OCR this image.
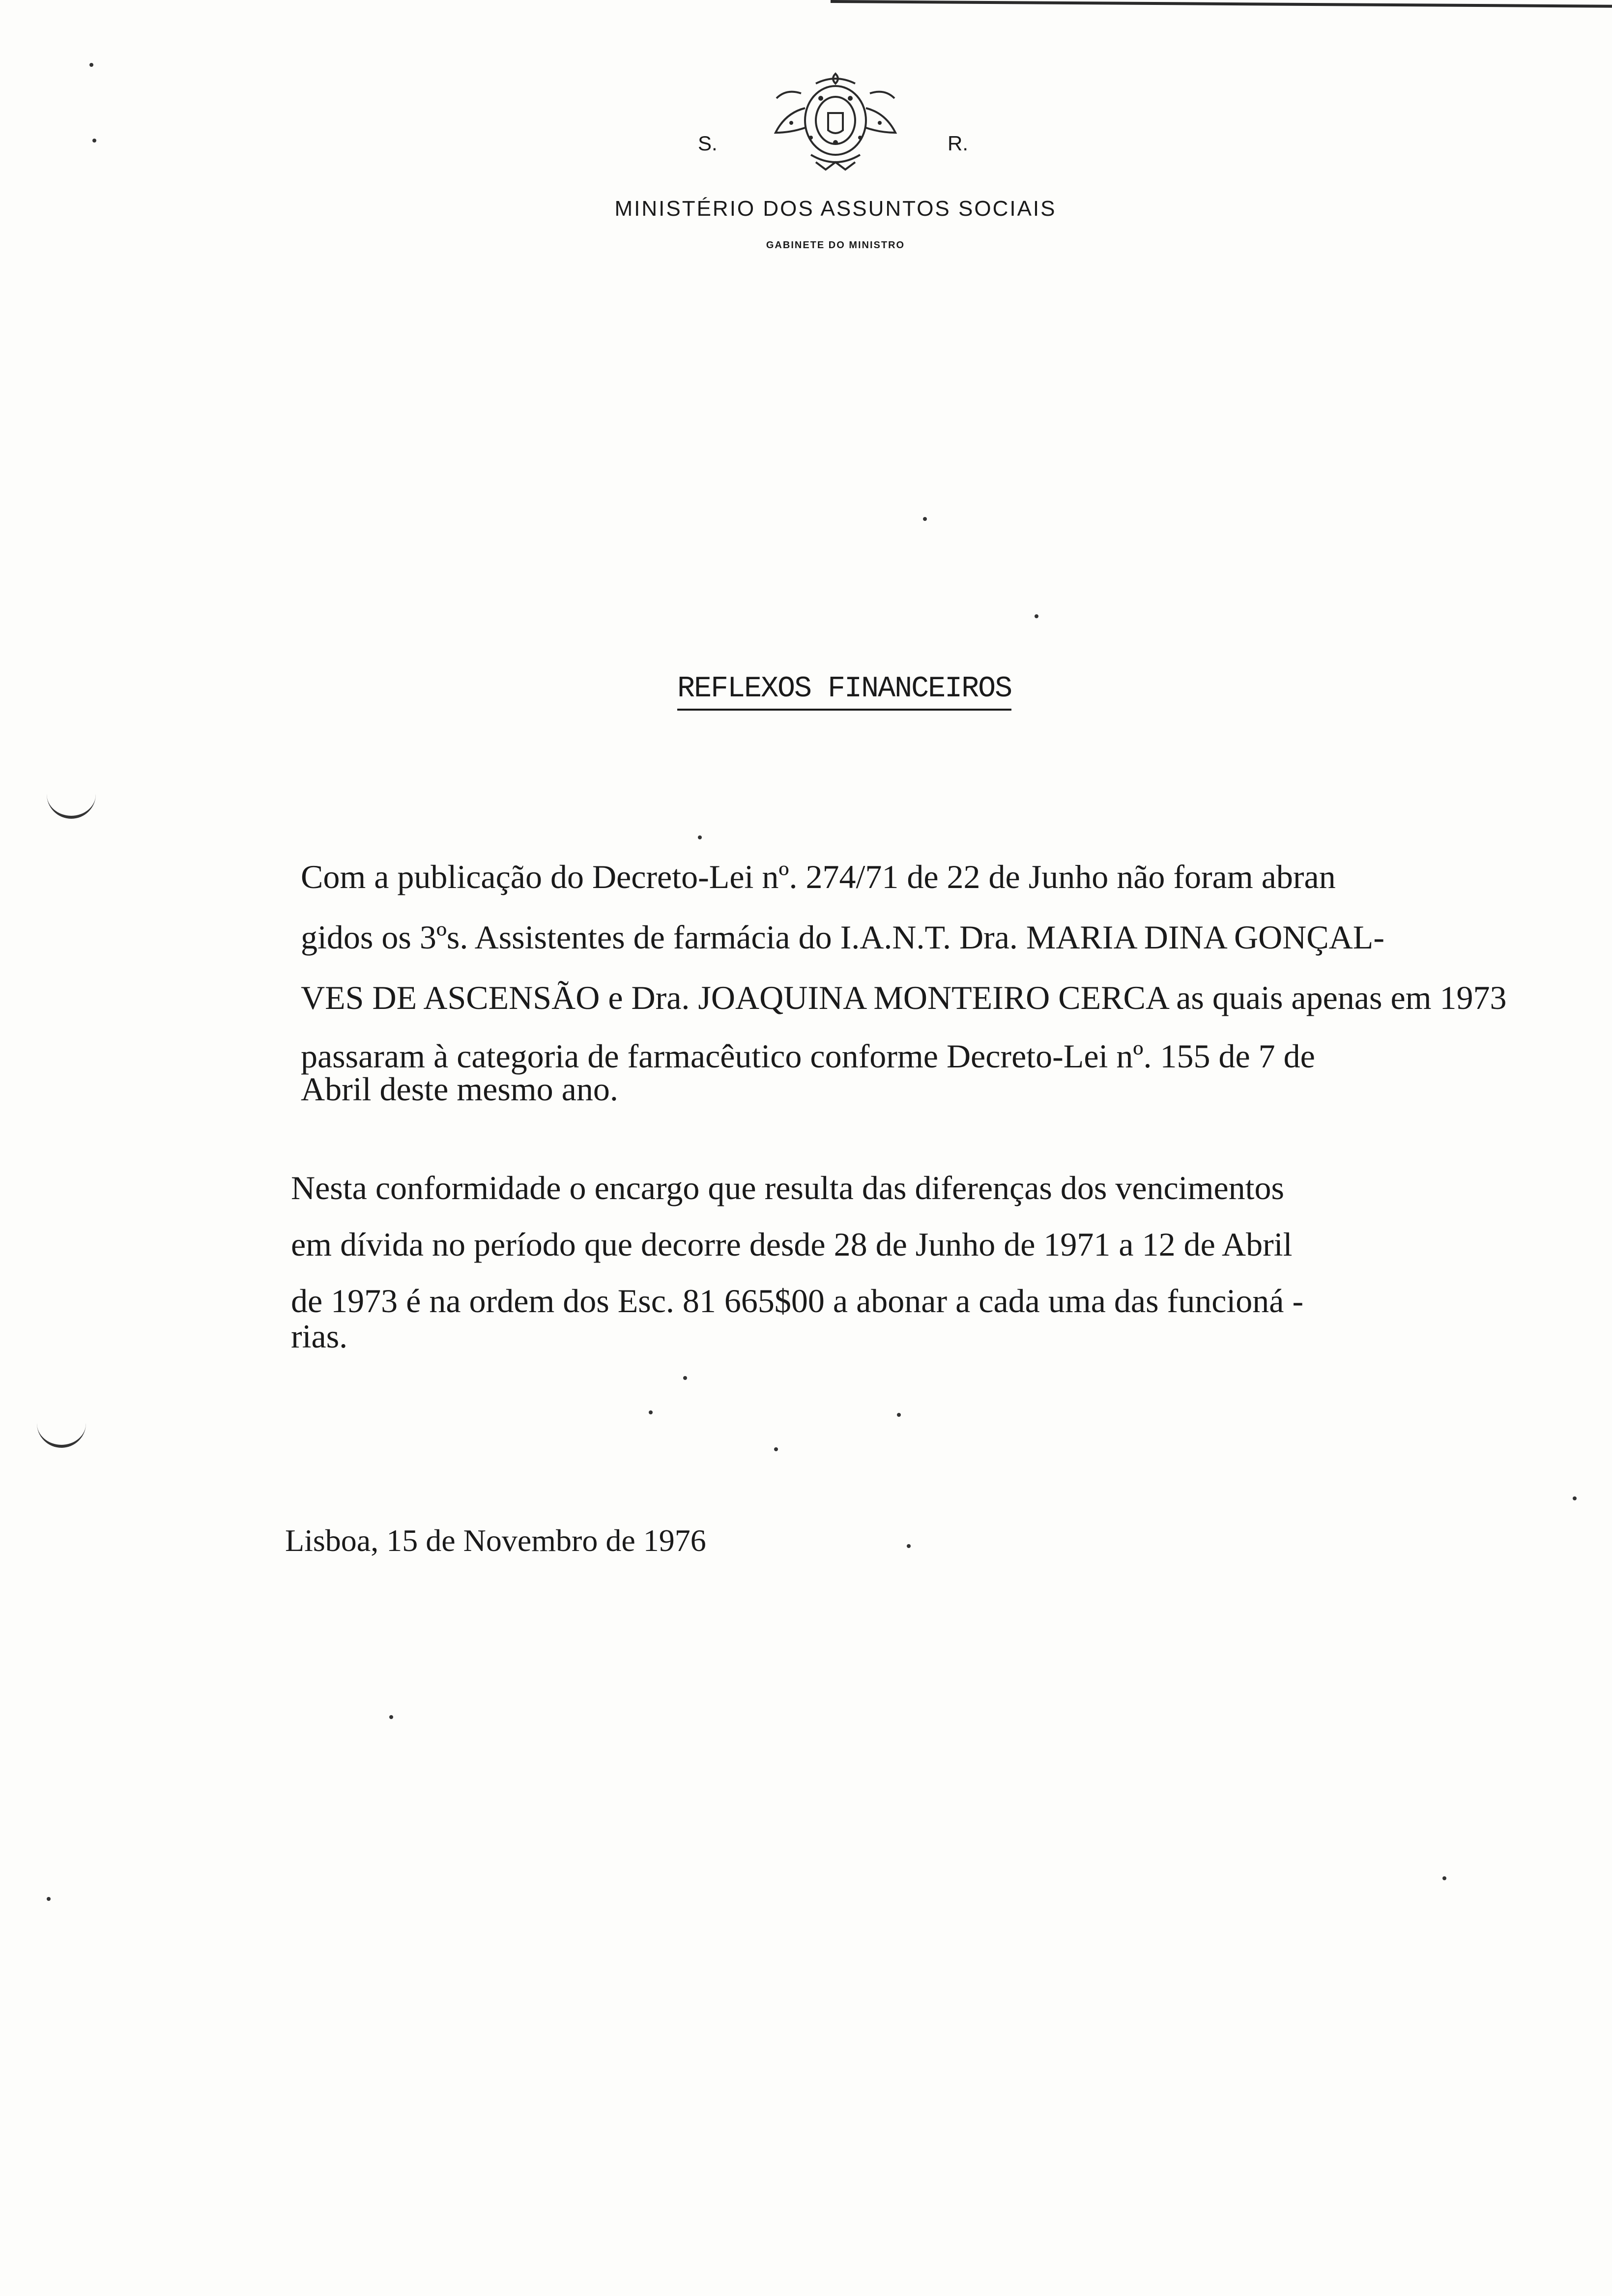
S.	R.
MINISTÉRIO DOS ASSUNTOS SOCIAIS
GABINETE DO MINISTRO
REFLEXOS FINANCEIROS
Com a publicação do Decreto-Lei nº. 274/71 de 22 de Junho não foram abran
gidos os 3ºs. Assistentes de farmácia do I.A.N.T. Dra. MARIA DINA GONÇAL-
VES DE ASCENSÃO e Dra. JOAQUINA MONTEIRO CERCA as quais apenas em 1973
passaram à categoria de farmacêutico conforme Decreto-Lei nº. 155 de 7 de
Abril deste mesmo ano.
Nesta conformidade o encargo que resulta das diferenças dos vencimentos
em dívida no período que decorre desde 28 de Junho de 1971 a 12 de Abril
de 1973 é na ordem dos Esc. 81 665$00 a abonar a cada uma das funcioná -
rias.
Lisboa, 15 de Novembro de 1976
